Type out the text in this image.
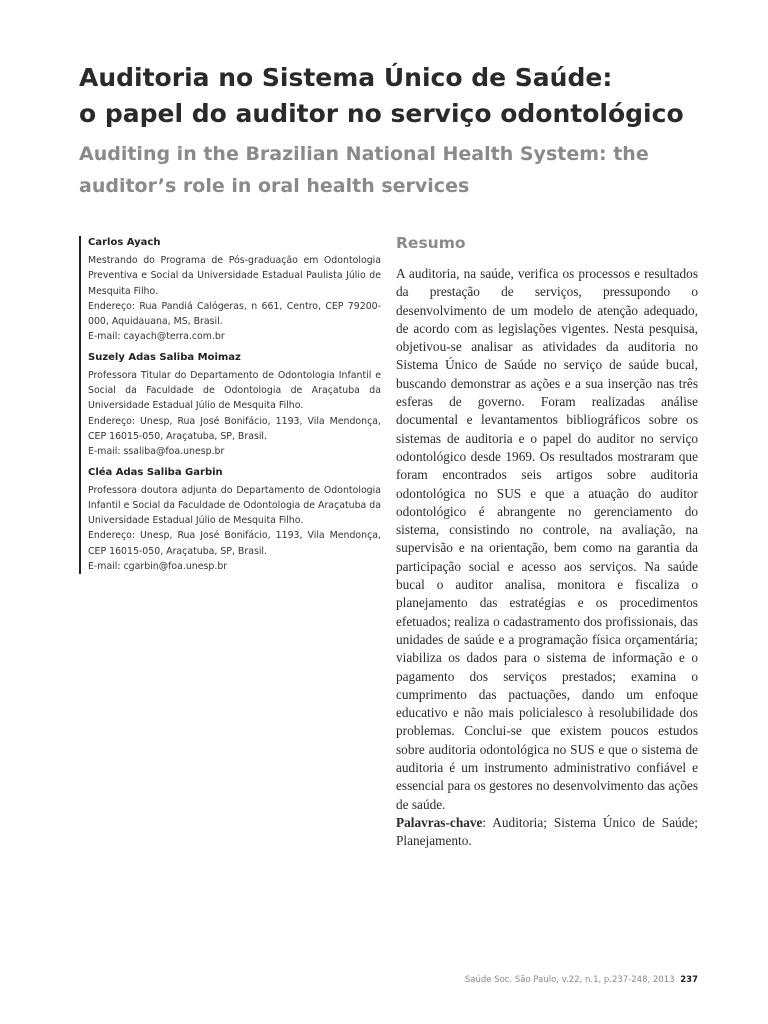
Auditoria no Sistema Único de Saúde:
o papel do auditor no serviço odontológico
Auditing in the Brazilian National Health System: the
auditor’s role in oral health services
Carlos Ayach
Mestrando do Programa de Pós-graduação em Odontologia Preventiva e Social da Universidade Estadual Paulista Júlio de Mesquita Filho.
Endereço: Rua Pandiá Calógeras, n 661, Centro, CEP 79200-000, Aquidauana, MS, Brasil.
E-mail: cayach@terra.com.br
Suzely Adas Saliba Moimaz
Professora Titular do Departamento de Odontologia Infantil e Social da Faculdade de Odontologia de Araçatuba da Universidade Estadual Júlio de Mesquita Filho.
Endereço: Unesp, Rua José Bonifácio, 1193, Vila Mendonça, CEP 16015-050, Araçatuba, SP, Brasil.
E-mail: ssaliba@foa.unesp.br
Cléa Adas Saliba Garbin
Professora doutora adjunta do Departamento de Odontologia Infantil e Social da Faculdade de Odontologia de Araçatuba da Universidade Estadual Júlio de Mesquita Filho.
Endereço: Unesp, Rua José Bonifácio, 1193, Vila Mendonça, CEP 16015-050, Araçatuba, SP, Brasil.
E-mail: cgarbin@foa.unesp.br
Resumo

A auditoria, na saúde, verifica os processos e resultados da prestação de serviços, pressupondo o desenvolvimento de um modelo de atenção adequado, de acordo com as legislações vigentes. Nesta pesquisa, objetivou-se analisar as atividades da auditoria no Sistema Único de Saúde no serviço de saúde bucal, buscando demonstrar as ações e a sua inserção nas três esferas de governo. Foram realizadas análise documental e levantamentos bibliográficos sobre os sistemas de auditoria e o papel do auditor no serviço odontológico desde 1969. Os resultados mostraram que foram encontrados seis artigos sobre auditoria odontológica no SUS e que a atuação do auditor odontológico é abrangente no gerenciamento do sistema, consistindo no controle, na avaliação, na supervisão e na orientação, bem como na garantia da participação social e acesso aos serviços. Na saúde bucal o auditor analisa, monitora e fiscaliza o planejamento das estratégias e os procedimentos efetuados; realiza o cadastramento dos profissionais, das unidades de saúde e a programação física orçamentária; viabiliza os dados para o sistema de informação e o pagamento dos serviços prestados; examina o cumprimento das pactuações, dando um enfoque educativo e não mais policialesco à resolubilidade dos problemas. Conclui-se que existem poucos estudos sobre auditoria odontológica no SUS e que o sistema de auditoria é um instrumento administrativo confiável e essencial para os gestores no desenvolvimento das ações de saúde.

Palavras-chave: Auditoria; Sistema Único de Saúde; Planejamento.

Saúde Soc. São Paulo, v.22, n.1, p.237-248, 2013 237
